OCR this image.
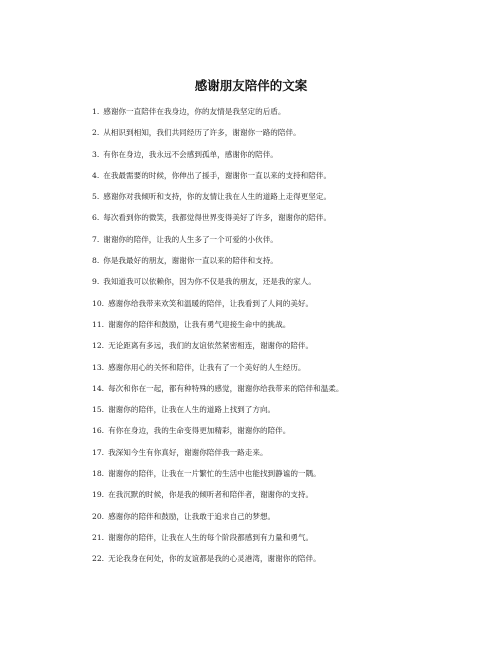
感谢朋友陪伴的文案
1. 感谢你一直陪伴在我身边，你的友情是我坚定的后盾。
2. 从相识到相知，我们共同经历了许多，谢谢你一路的陪伴。
3. 有你在身边，我永远不会感到孤单，感谢你的陪伴。
4. 在我最需要的时候，你伸出了援手，谢谢你一直以来的支持和陪伴。
5. 感谢你对我倾听和支持，你的友情让我在人生的道路上走得更坚定。
6. 每次看到你的微笑，我都觉得世界变得美好了许多，谢谢你的陪伴。
7. 谢谢你的陪伴，让我的人生多了一个可爱的小伙伴。
8. 你是我最好的朋友，谢谢你一直以来的陪伴和支持。
9. 我知道我可以依赖你，因为你不仅是我的朋友，还是我的家人。
10. 感谢你给我带来欢笑和温暖的陪伴，让我看到了人间的美好。
11. 谢谢你的陪伴和鼓励，让我有勇气迎接生命中的挑战。
12. 无论距离有多远，我们的友谊依然紧密相连，谢谢你的陪伴。
13. 感谢你用心的关怀和陪伴，让我有了一个美好的人生经历。
14. 每次和你在一起，都有种特殊的感觉，谢谢你给我带来的陪伴和温柔。
15. 谢谢你的陪伴，让我在人生的道路上找到了方向。
16. 有你在身边，我的生命变得更加精彩，谢谢你的陪伴。
17. 我深知今生有你真好，谢谢你陪伴我一路走来。
18. 谢谢你的陪伴，让我在一片繁忙的生活中也能找到静谧的一隅。
19. 在我沉默的时候，你是我的倾听者和陪伴者，谢谢你的支持。
20. 感谢你的陪伴和鼓励，让我敢于追求自己的梦想。
21. 谢谢你的陪伴，让我在人生的每个阶段都感到有力量和勇气。
22. 无论我身在何处，你的友谊都是我的心灵港湾，谢谢你的陪伴。
